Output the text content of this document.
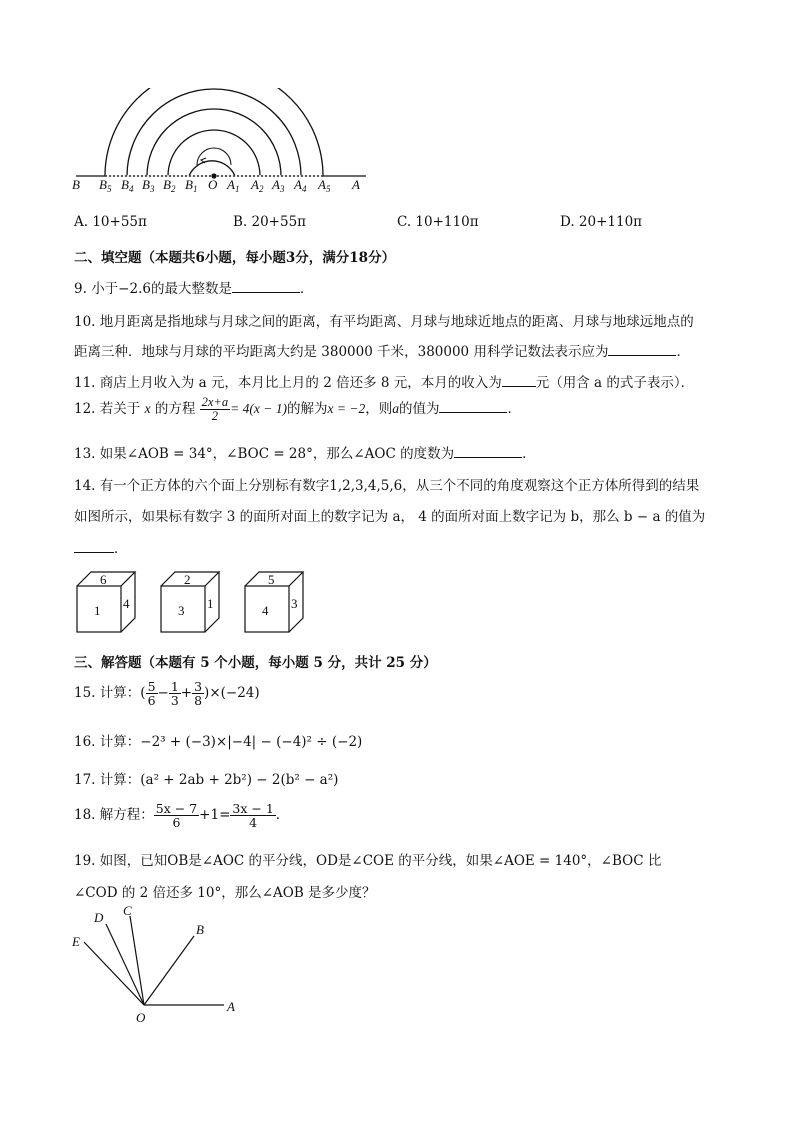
B $B_5$ $B_4$ $B_3$ $B_2$ $B_1$ O $A_1$ $A_2$ $A_3$ $A_4$ $A_5$ A
A. 10+55π	B. 20+55π	C. 10+110π	D. 20+110π
二、填空题（本题共6小题，每小题3分，满分18分）
9. 小于−2.6的最大整数是	．
10. 地月距离是指地球与月球之间的距离，有平均距离、月球与地球近地点的距离、月球与地球远地点的
距离三种．地球与月球的平均距离大约是 380000 千米，380000 用科学记数法表示应为	．
11. 商店上月收入为 a 元，本月比上月的 2 倍还多 8 元，本月的收入为	元（用含 a 的式子表示）．
12. 若关于 x 的方程 $\frac{2x+a}{2} = 4(x - 1)$的解为x = −2，则a的值为	．
13. 如果∠AOB = 34°，∠BOC = 28°，那么∠AOC 的度数为	．
14. 有一个正方体的六个面上分别标有数字1,2,3,4,5,6，从三个不同的角度观察这个正方体所得到的结果
如图所示，如果标有数字 3 的面所对面上的数字记为 a， 4 的面所对面上数字记为 b，那么 b − a 的值为
．
6
1 4
2
3 1
5
4 3
三、解答题（本题有 5 个小题，每小题 5 分，共计 25 分）
15. 计算：( $\frac{5}{6} - \frac{1}{3} + \frac{3}{8} )\times(-24)$
16. 计算：−2³ + (−3)×|−4| − (−4)² ÷ (−2)
17. 计算：(a² + 2ab + 2b²) − 2(b² − a²)
18. 解方程： $\frac{5x - 7}{6} +1= \frac{3x - 1}{4}$ ．
19. 如图，已知OB是∠AOC 的平分线，OD是∠COE 的平分线，如果∠AOE = 140°，∠BOC 比
∠COD 的 2 倍还多 10°，那么∠AOB 是多少度？
E
D C
B
O
A
